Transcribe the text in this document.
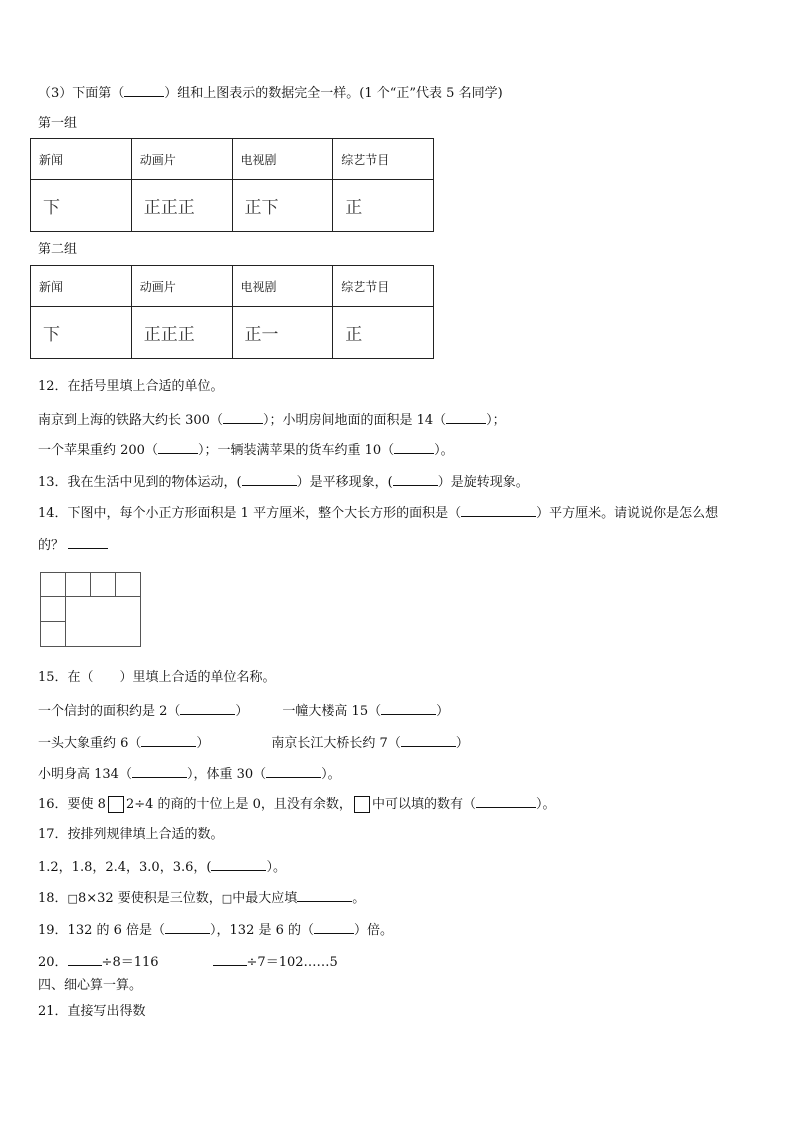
（3）下面第（	）组和上图表示的数据完全一样。(1 个“正”代表 5 名同学)
第一组
新闻	动画片	电视剧	综艺节目
下	正正正	正下	正
第二组
新闻	动画片	电视剧	综艺节目
下	正正正	正一	正
12．在括号里填上合适的单位。
南京到上海的铁路大约长 300（	）；小明房间地面的面积是 14（	）；
一个苹果重约 200（	）；一辆装满苹果的货车约重 10（	）。
13．我在生活中见到的物体运动，(	）是平移现象，(	）是旋转现象。
14．下图中，每个小正方形面积是 1 平方厘米，整个大长方形的面积是（	）平方厘米。请说说你是怎么想
的？
15．在（　　）里填上合适的单位名称。
一个信封的面积约是 2（	）	一幢大楼高 15（	）
一头大象重约 6（	）	南京长江大桥长约 7（	）
小明身高 134（	），体重 30（	）。
16．要使 8 2÷4 的商的十位上是 0，且没有余数， 中可以填的数有（	）。
17．按排列规律填上合适的数。
1.2，1.8，2.4，3.0，3.6，(	）。
18．□8×32 要使积是三位数，□中最大应填	。
19．132 的 6 倍是（	），132 是 6 的（	）倍。
20．	÷8＝116	÷7＝102……5
四、细心算一算。
21．直接写出得数
